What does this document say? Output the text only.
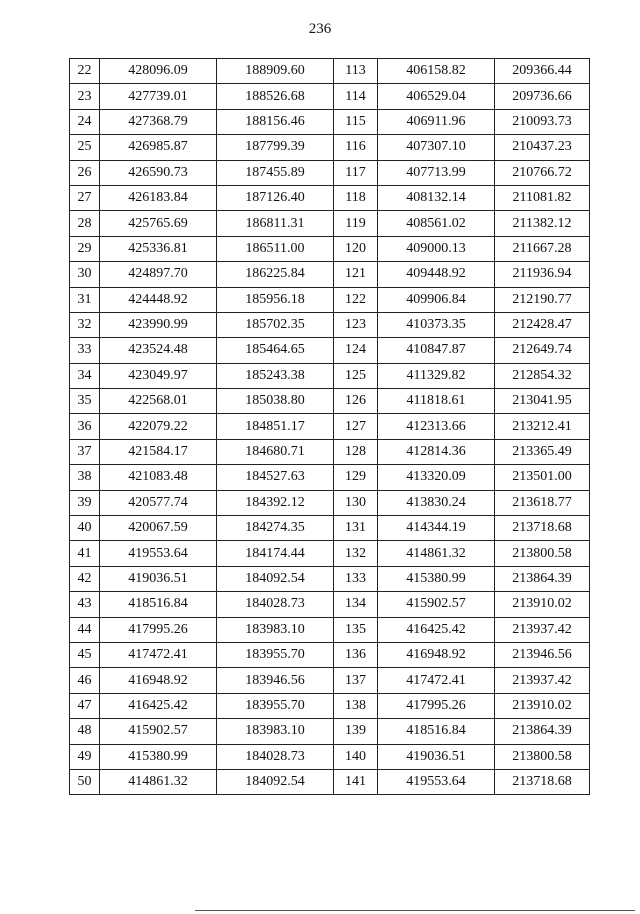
236
22	428096.09	188909.60	113	406158.82	209366.44
23	427739.01	188526.68	114	406529.04	209736.66
24	427368.79	188156.46	115	406911.96	210093.73
25	426985.87	187799.39	116	407307.10	210437.23
26	426590.73	187455.89	117	407713.99	210766.72
27	426183.84	187126.40	118	408132.14	211081.82
28	425765.69	186811.31	119	408561.02	211382.12
29	425336.81	186511.00	120	409000.13	211667.28
30	424897.70	186225.84	121	409448.92	211936.94
31	424448.92	185956.18	122	409906.84	212190.77
32	423990.99	185702.35	123	410373.35	212428.47
33	423524.48	185464.65	124	410847.87	212649.74
34	423049.97	185243.38	125	411329.82	212854.32
35	422568.01	185038.80	126	411818.61	213041.95
36	422079.22	184851.17	127	412313.66	213212.41
37	421584.17	184680.71	128	412814.36	213365.49
38	421083.48	184527.63	129	413320.09	213501.00
39	420577.74	184392.12	130	413830.24	213618.77
40	420067.59	184274.35	131	414344.19	213718.68
41	419553.64	184174.44	132	414861.32	213800.58
42	419036.51	184092.54	133	415380.99	213864.39
43	418516.84	184028.73	134	415902.57	213910.02
44	417995.26	183983.10	135	416425.42	213937.42
45	417472.41	183955.70	136	416948.92	213946.56
46	416948.92	183946.56	137	417472.41	213937.42
47	416425.42	183955.70	138	417995.26	213910.02
48	415902.57	183983.10	139	418516.84	213864.39
49	415380.99	184028.73	140	419036.51	213800.58
50	414861.32	184092.54	141	419553.64	213718.68
